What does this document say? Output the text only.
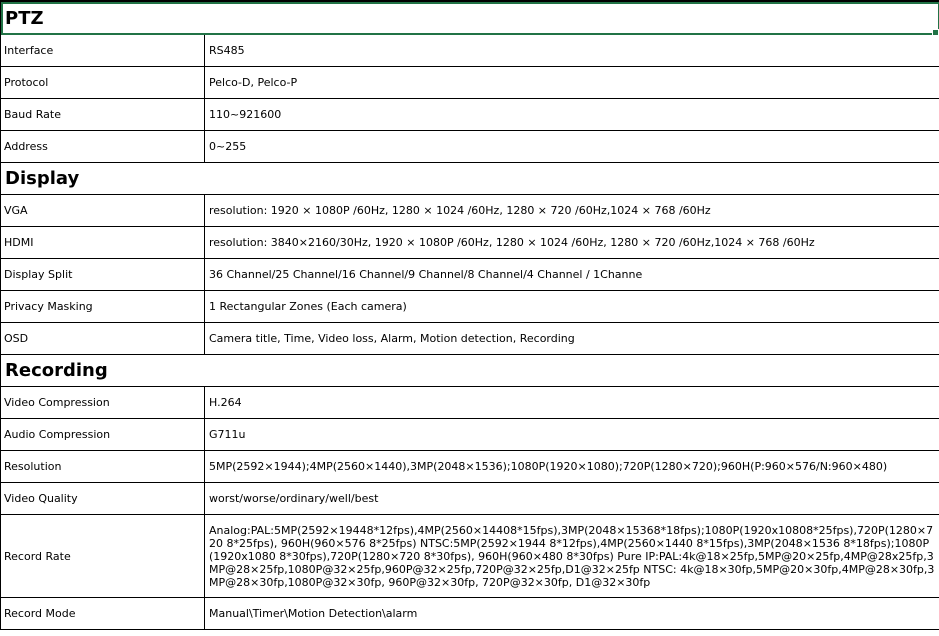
PTZ	
Interface	RS485
Protocol	Pelco-D, Pelco-P
Baud Rate	110~921600
Address	0~255
Display	
VGA	resolution: 1920 × 1080P /60Hz, 1280 × 1024 /60Hz, 1280 × 720 /60Hz,1024 × 768 /60Hz
HDMI	resolution: 3840×2160/30Hz, 1920 × 1080P /60Hz, 1280 × 1024 /60Hz, 1280 × 720 /60Hz,1024 × 768 /60Hz
Display Split	36 Channel/25 Channel/16 Channel/9 Channel/8 Channel/4 Channel / 1Channe
Privacy Masking	1 Rectangular Zones (Each camera)
OSD	Camera title, Time, Video loss, Alarm, Motion detection, Recording
Recording	
Video Compression	H.264
Audio Compression	G711u
Resolution	5MP(2592×1944);4MP(2560×1440),3MP(2048×1536);1080P(1920×1080);720P(1280×720);960H(P:960×576/N:960×480)
Video Quality	worst/worse/ordinary/well/best
Record Rate	Analog:PAL:5MP(2592×19448*12fps),4MP(2560×14408*15fps),3MP(2048×15368*18fps);1080P(1920x10808*25fps),720P(1280×720 8*25fps), 960H(960×576 8*25fps) NTSC:5MP(2592×1944 8*12fps),4MP(2560×1440 8*15fps),3MP(2048×1536 8*18fps);1080P(1920x1080 8*30fps),720P(1280×720 8*30fps), 960H(960×480 8*30fps) Pure IP:PAL:4k@18×25fp,5MP@20×25fp,4MP@28x25fp,3MP@28×25fp,1080P@32×25fp,960P@32×25fp,720P@32×25fp,D1@32×25fp NTSC: 4k@18×30fp,5MP@20×30fp,4MP@28×30fp,3MP@28×30fp,1080P@32×30fp, 960P@32×30fp, 720P@32×30fp, D1@32×30fp
Record Mode	Manual\Timer\Motion Detection\alarm
